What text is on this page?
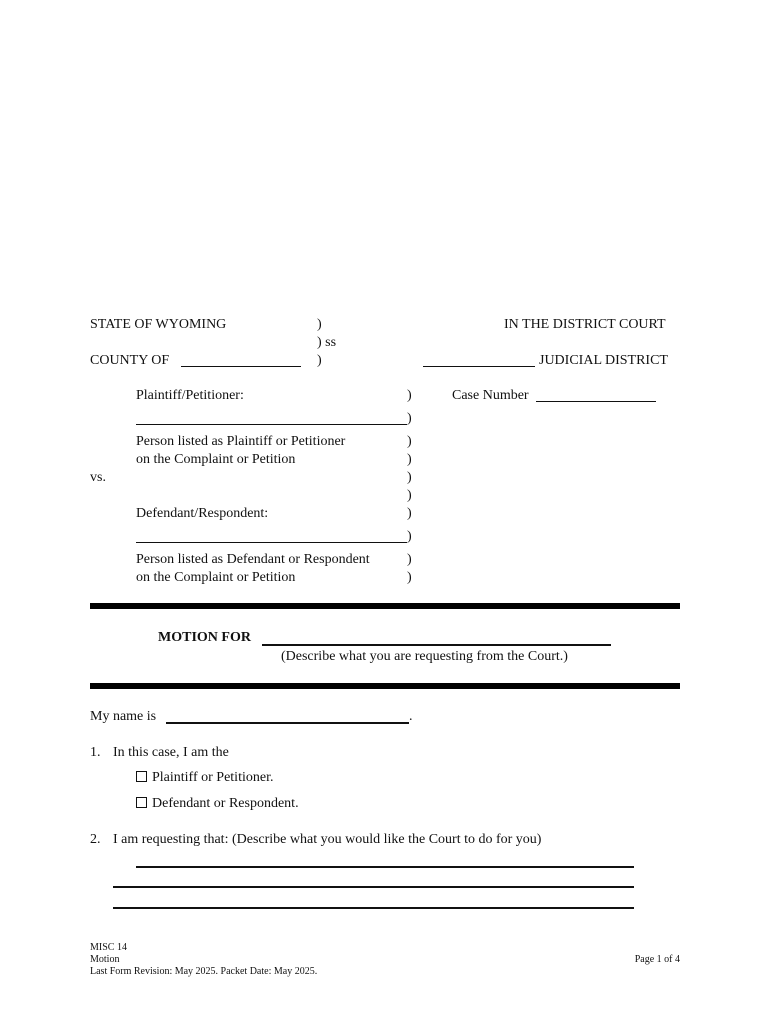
STATE OF WYOMING	)
) ss
)
IN THE DISTRICT COURT
COUNTY OF	JUDICIAL DISTRICT
Plaintiff/Petitioner:
Person listed as Plaintiff or Petitioner
on the Complaint or Petition
vs.
Defendant/Respondent:
Person listed as Defendant or Respondent
on the Complaint or Petition
)
)
)
)
)
)
)
)
)
)
Case Number
MOTION FOR
(Describe what you are requesting from the Court.)
My name is	.
1. In this case, I am the
Plaintiff or Petitioner.
Defendant or Respondent.
2. I am requesting that: (Describe what you would like the Court to do for you)
MISC 14
Motion
Last Form Revision: May 2025. Packet Date: May 2025.
Page 1 of 4
